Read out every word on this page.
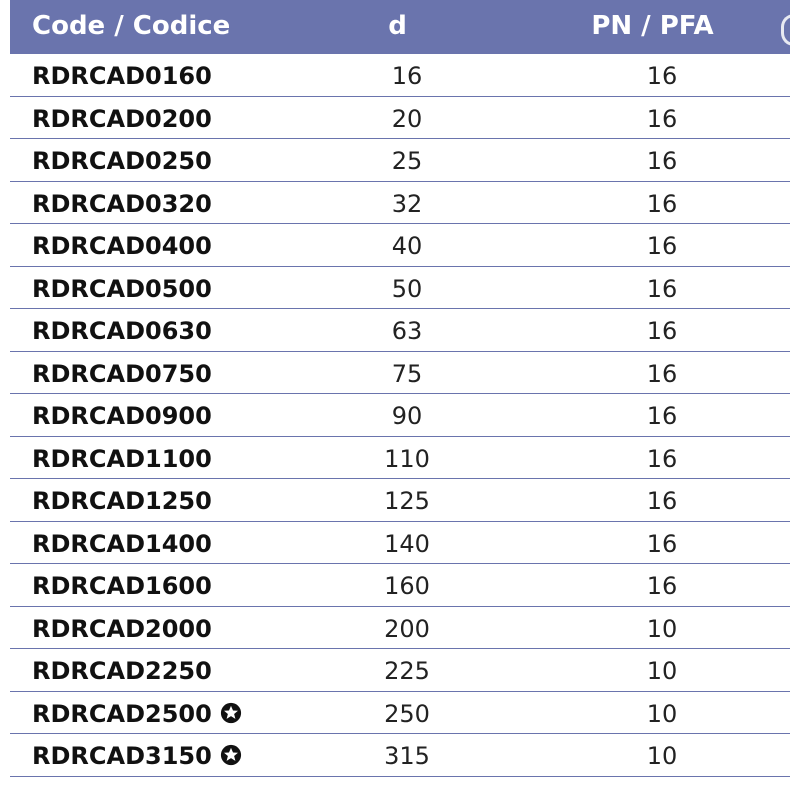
Code / Codice	d	PN / PFA
RDRCAD0160	16	16
RDRCAD0200	20	16
RDRCAD0250	25	16
RDRCAD0320	32	16
RDRCAD0400	40	16
RDRCAD0500	50	16
RDRCAD0630	63	16
RDRCAD0750	75	16
RDRCAD0900	90	16
RDRCAD1100	110	16
RDRCAD1250	125	16
RDRCAD1400	140	16
RDRCAD1600	160	16
RDRCAD2000	200	10
RDRCAD2250	225	10
RDRCAD2500	250	10
RDRCAD3150	315	10
